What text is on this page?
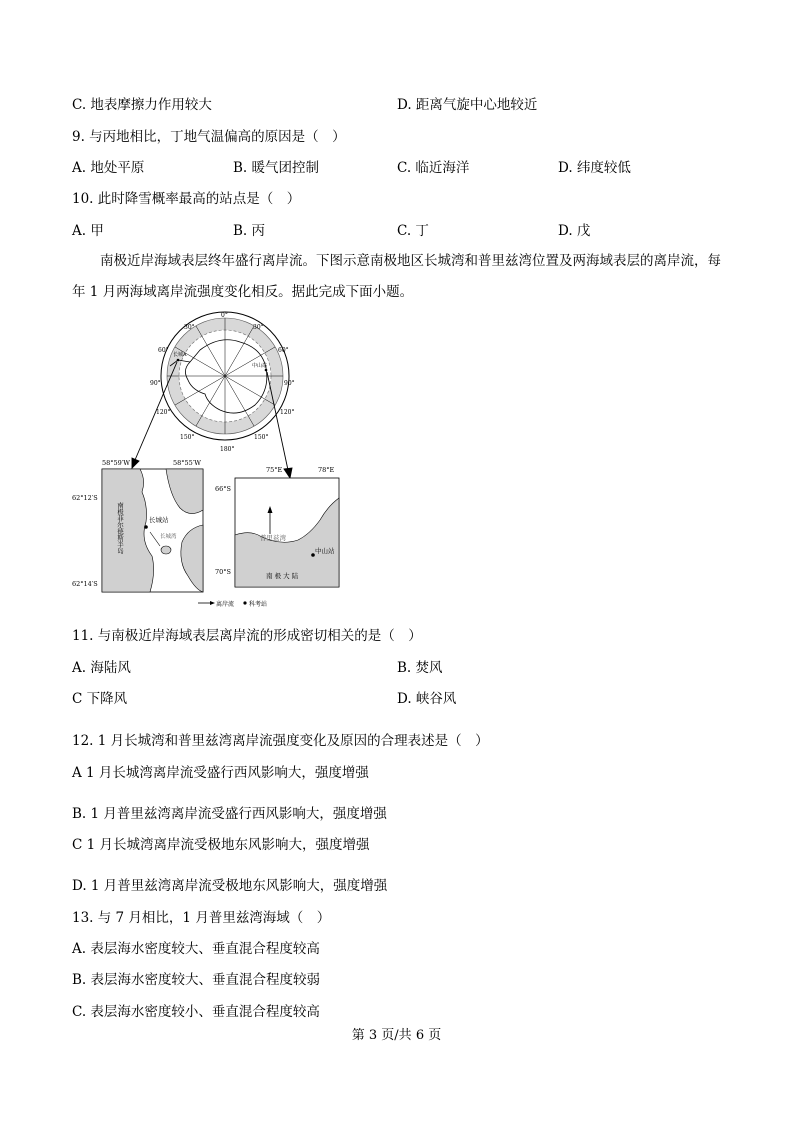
C. 地表摩擦力作用较大	D. 距离气旋中心地较近
9. 与丙地相比，丁地气温偏高的原因是（　）
A. 地处平原	B. 暖气团控制	C. 临近海洋	D. 纬度较低
10. 此时降雪概率最高的站点是（　）
A. 甲	B. 丙	C. 丁	D. 戊
南极近岸海域表层终年盛行离岸流。下图示意南极地区长城湾和普里兹湾位置及两海域表层的离岸流，每年 1 月两海域离岸流强度变化相反。据此完成下面小题。
0°
30°	30°
60°	60°
90°	90°
120°	120°
150°	150°
180°
长城A
中山站
58°59′W	58°55′W
62°12′S
62°14′S
南极菲尔德斯半岛	长城站
长城湾
75°E	78°E
66°S
70°S
普里兹湾
中山站
南 极 大 陆
离岸流 科考站
11. 与南极近岸海域表层离岸流的形成密切相关的是（　）
A. 海陆风	B. 焚风
C 下降风	D. 峡谷风
12. 1 月长城湾和普里兹湾离岸流强度变化及原因的合理表述是（　）
A 1 月长城湾离岸流受盛行西风影响大，强度增强
B. 1 月普里兹湾离岸流受盛行西风影响大，强度增强
C 1 月长城湾离岸流受极地东风影响大，强度增强
D. 1 月普里兹湾离岸流受极地东风影响大，强度增强
13. 与 7 月相比，1 月普里兹湾海域（　）
A. 表层海水密度较大、垂直混合程度较高
B. 表层海水密度较大、垂直混合程度较弱
C. 表层海水密度较小、垂直混合程度较高
第 3 页/共 6 页
